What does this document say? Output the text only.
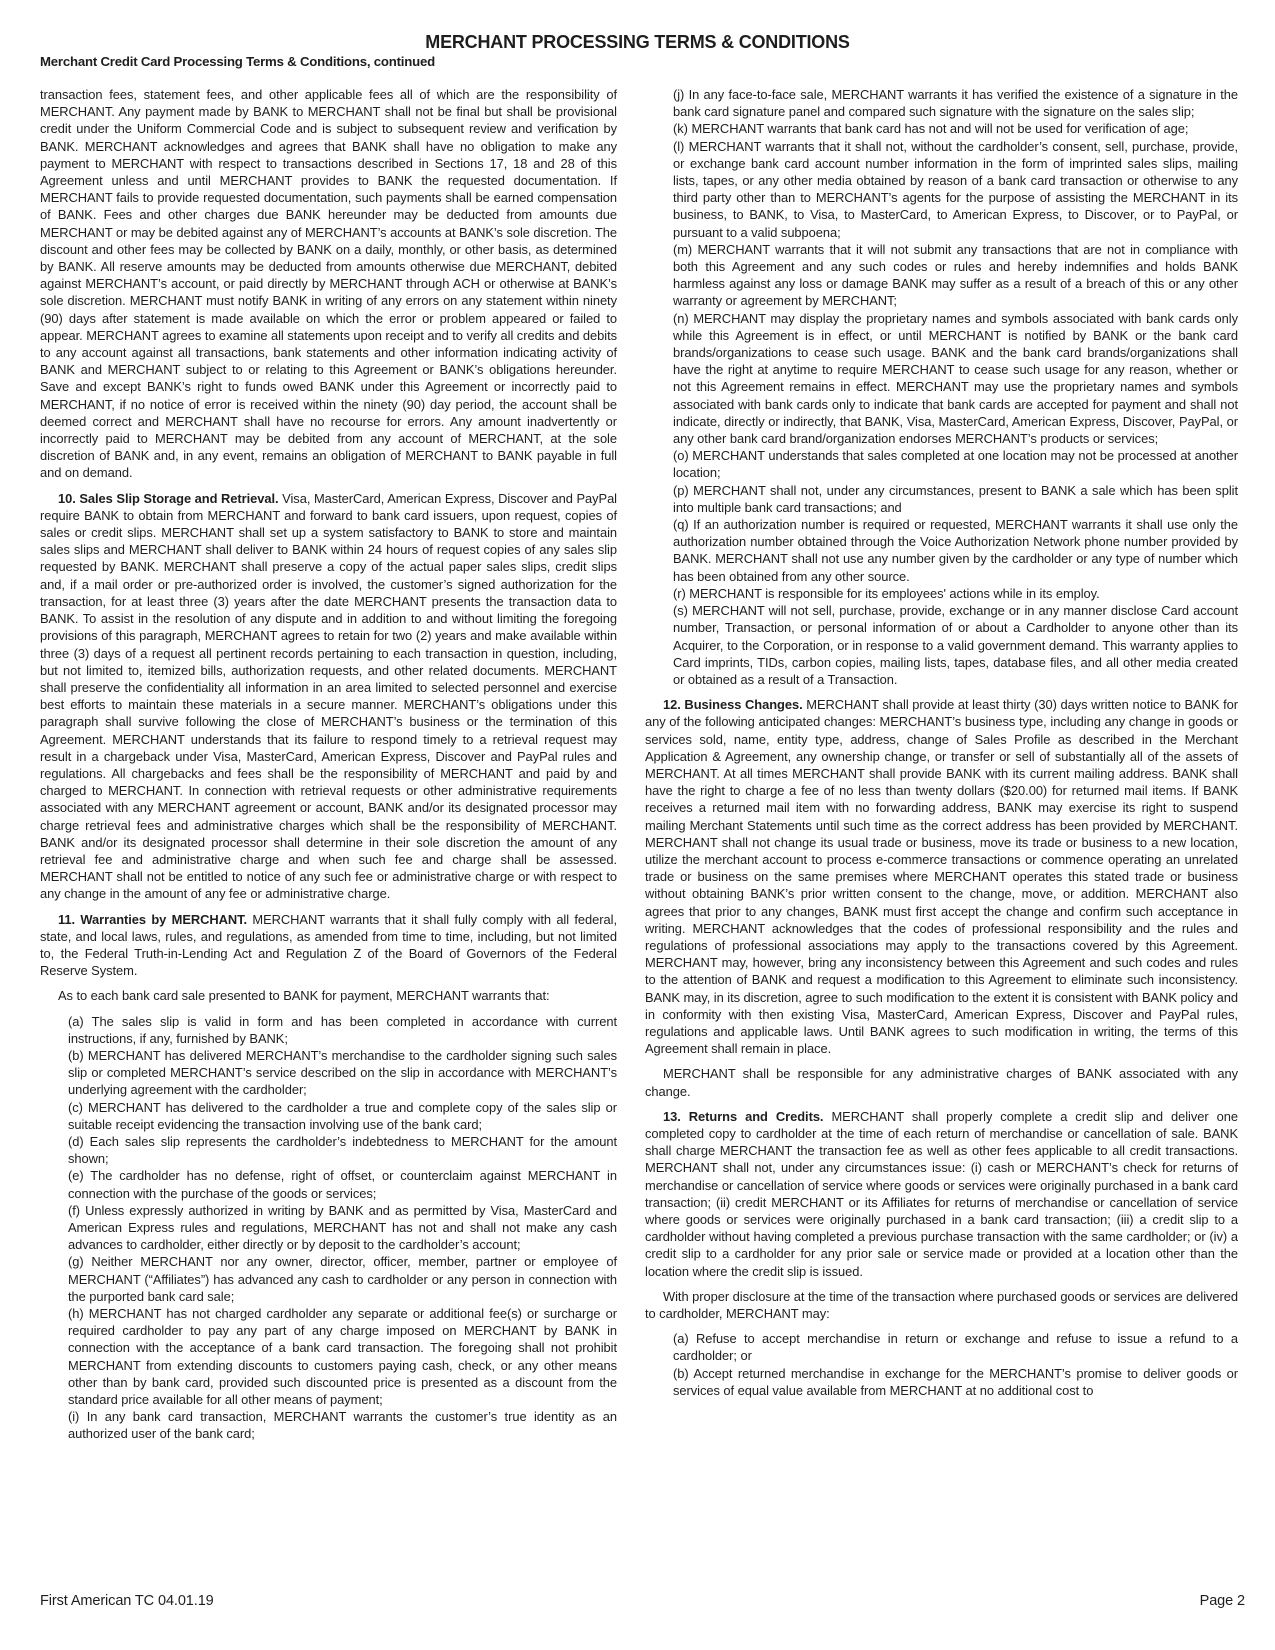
MERCHANT PROCESSING TERMS & CONDITIONS
Merchant Credit Card Processing Terms & Conditions, continued

transaction fees, statement fees, and other applicable fees all of which are the responsibility of MERCHANT. Any payment made by BANK to MERCHANT shall not be final but shall be provisional credit under the Uniform Commercial Code and is subject to subsequent review and verification by BANK. MERCHANT acknowledges and agrees that BANK shall have no obligation to make any payment to MERCHANT with respect to transactions described in Sections 17, 18 and 28 of this Agreement unless and until MERCHANT provides to BANK the requested documentation. If MERCHANT fails to provide requested documentation, such payments shall be earned compensation of BANK. Fees and other charges due BANK hereunder may be deducted from amounts due MERCHANT or may be debited against any of MERCHANT’s accounts at BANK’s sole discretion. The discount and other fees may be collected by BANK on a daily, monthly, or other basis, as determined by BANK. All reserve amounts may be deducted from amounts otherwise due MERCHANT, debited against MERCHANT’s account, or paid directly by MERCHANT through ACH or otherwise at BANK’s sole discretion. MERCHANT must notify BANK in writing of any errors on any statement within ninety (90) days after statement is made available on which the error or problem appeared or failed to appear. MERCHANT agrees to examine all statements upon receipt and to verify all credits and debits to any account against all transactions, bank statements and other information indicating activity of BANK and MERCHANT subject to or relating to this Agreement or BANK’s obligations hereunder. Save and except BANK’s right to funds owed BANK under this Agreement or incorrectly paid to MERCHANT, if no notice of error is received within the ninety (90) day period, the account shall be deemed correct and MERCHANT shall have no recourse for errors. Any amount inadvertently or incorrectly paid to MERCHANT may be debited from any account of MERCHANT, at the sole discretion of BANK and, in any event, remains an obligation of MERCHANT to BANK payable in full and on demand.

10. Sales Slip Storage and Retrieval. Visa, MasterCard, American Express, Discover and PayPal require BANK to obtain from MERCHANT and forward to bank card issuers, upon request, copies of sales or credit slips. MERCHANT shall set up a system satisfactory to BANK to store and maintain sales slips and MERCHANT shall deliver to BANK within 24 hours of request copies of any sales slip requested by BANK. MERCHANT shall preserve a copy of the actual paper sales slips, credit slips and, if a mail order or pre-authorized order is involved, the customer’s signed authorization for the transaction, for at least three (3) years after the date MERCHANT presents the transaction data to BANK. To assist in the resolution of any dispute and in addition to and without limiting the foregoing provisions of this paragraph, MERCHANT agrees to retain for two (2) years and make available within three (3) days of a request all pertinent records pertaining to each transaction in question, including, but not limited to, itemized bills, authorization requests, and other related documents. MERCHANT shall preserve the confidentiality all information in an area limited to selected personnel and exercise best efforts to maintain these materials in a secure manner. MERCHANT’s obligations under this paragraph shall survive following the close of MERCHANT’s business or the termination of this Agreement. MERCHANT understands that its failure to respond timely to a retrieval request may result in a chargeback under Visa, MasterCard, American Express, Discover and PayPal rules and regulations. All chargebacks and fees shall be the responsibility of MERCHANT and paid by and charged to MERCHANT. In connection with retrieval requests or other administrative requirements associated with any MERCHANT agreement or account, BANK and/or its designated processor may charge retrieval fees and administrative charges which shall be the responsibility of MERCHANT. BANK and/or its designated processor shall determine in their sole discretion the amount of any retrieval fee and administrative charge and when such fee and charge shall be assessed. MERCHANT shall not be entitled to notice of any such fee or administrative charge or with respect to any change in the amount of any fee or administrative charge.

11. Warranties by MERCHANT. MERCHANT warrants that it shall fully comply with all federal, state, and local laws, rules, and regulations, as amended from time to time, including, but not limited to, the Federal Truth-in-Lending Act and Regulation Z of the Board of Governors of the Federal Reserve System.

As to each bank card sale presented to BANK for payment, MERCHANT warrants that:

(a) The sales slip is valid in form and has been completed in accordance with current instructions, if any, furnished by BANK;

(b) MERCHANT has delivered MERCHANT’s merchandise to the cardholder signing such sales slip or completed MERCHANT’s service described on the slip in accordance with MERCHANT’s underlying agreement with the cardholder;

(c) MERCHANT has delivered to the cardholder a true and complete copy of the sales slip or suitable receipt evidencing the transaction involving use of the bank card;

(d) Each sales slip represents the cardholder’s indebtedness to MERCHANT for the amount shown;

(e) The cardholder has no defense, right of offset, or counterclaim against MERCHANT in connection with the purchase of the goods or services;

(f) Unless expressly authorized in writing by BANK and as permitted by Visa, MasterCard and American Express rules and regulations, MERCHANT has not and shall not make any cash advances to cardholder, either directly or by deposit to the cardholder’s account;

(g) Neither MERCHANT nor any owner, director, officer, member, partner or employee of MERCHANT (“Affiliates”) has advanced any cash to cardholder or any person in connection with the purported bank card sale;

(h) MERCHANT has not charged cardholder any separate or additional fee(s) or surcharge or required cardholder to pay any part of any charge imposed on MERCHANT by BANK in connection with the acceptance of a bank card transaction. The foregoing shall not prohibit MERCHANT from extending discounts to customers paying cash, check, or any other means other than by bank card, provided such discounted price is presented as a discount from the standard price available for all other means of payment;

(i) In any bank card transaction, MERCHANT warrants the customer’s true identity as an authorized user of the bank card;

(j) In any face-to-face sale, MERCHANT warrants it has verified the existence of a signature in the bank card signature panel and compared such signature with the signature on the sales slip;

(k) MERCHANT warrants that bank card has not and will not be used for verification of age;

(l) MERCHANT warrants that it shall not, without the cardholder’s consent, sell, purchase, provide, or exchange bank card account number information in the form of imprinted sales slips, mailing lists, tapes, or any other media obtained by reason of a bank card transaction or otherwise to any third party other than to MERCHANT’s agents for the purpose of assisting the MERCHANT in its business, to BANK, to Visa, to MasterCard, to American Express, to Discover, or to PayPal, or pursuant to a valid subpoena;

(m) MERCHANT warrants that it will not submit any transactions that are not in compliance with both this Agreement and any such codes or rules and hereby indemnifies and holds BANK harmless against any loss or damage BANK may suffer as a result of a breach of this or any other warranty or agreement by MERCHANT;

(n) MERCHANT may display the proprietary names and symbols associated with bank cards only while this Agreement is in effect, or until MERCHANT is notified by BANK or the bank card brands/organizations to cease such usage. BANK and the bank card brands/organizations shall have the right at anytime to require MERCHANT to cease such usage for any reason, whether or not this Agreement remains in effect. MERCHANT may use the proprietary names and symbols associated with bank cards only to indicate that bank cards are accepted for payment and shall not indicate, directly or indirectly, that BANK, Visa, MasterCard, American Express, Discover, PayPal, or any other bank card brand/organization endorses MERCHANT’s products or services;

(o) MERCHANT understands that sales completed at one location may not be processed at another location;

(p) MERCHANT shall not, under any circumstances, present to BANK a sale which has been split into multiple bank card transactions; and

(q) If an authorization number is required or requested, MERCHANT warrants it shall use only the authorization number obtained through the Voice Authorization Network phone number provided by BANK. MERCHANT shall not use any number given by the cardholder or any type of number which has been obtained from any other source.

(r) MERCHANT is responsible for its employees' actions while in its employ.

(s) MERCHANT will not sell, purchase, provide, exchange or in any manner disclose Card account number, Transaction, or personal information of or about a Cardholder to anyone other than its Acquirer, to the Corporation, or in response to a valid government demand. This warranty applies to Card imprints, TIDs, carbon copies, mailing lists, tapes, database files, and all other media created or obtained as a result of a Transaction.

12. Business Changes. MERCHANT shall provide at least thirty (30) days written notice to BANK for any of the following anticipated changes: MERCHANT’s business type, including any change in goods or services sold, name, entity type, address, change of Sales Profile as described in the Merchant Application & Agreement, any ownership change, or transfer or sell of substantially all of the assets of MERCHANT. At all times MERCHANT shall provide BANK with its current mailing address. BANK shall have the right to charge a fee of no less than twenty dollars ($20.00) for returned mail items. If BANK receives a returned mail item with no forwarding address, BANK may exercise its right to suspend mailing Merchant Statements until such time as the correct address has been provided by MERCHANT. MERCHANT shall not change its usual trade or business, move its trade or business to a new location, utilize the merchant account to process e-commerce transactions or commence operating an unrelated trade or business on the same premises where MERCHANT operates this stated trade or business without obtaining BANK’s prior written consent to the change, move, or addition. MERCHANT also agrees that prior to any changes, BANK must first accept the change and confirm such acceptance in writing. MERCHANT acknowledges that the codes of professional responsibility and the rules and regulations of professional associations may apply to the transactions covered by this Agreement. MERCHANT may, however, bring any inconsistency between this Agreement and such codes and rules to the attention of BANK and request a modification to this Agreement to eliminate such inconsistency. BANK may, in its discretion, agree to such modification to the extent it is consistent with BANK policy and in conformity with then existing Visa, MasterCard, American Express, Discover and PayPal rules, regulations and applicable laws. Until BANK agrees to such modification in writing, the terms of this Agreement shall remain in place.

MERCHANT shall be responsible for any administrative charges of BANK associated with any change.

13. Returns and Credits. MERCHANT shall properly complete a credit slip and deliver one completed copy to cardholder at the time of each return of merchandise or cancellation of sale. BANK shall charge MERCHANT the transaction fee as well as other fees applicable to all credit transactions. MERCHANT shall not, under any circumstances issue: (i) cash or MERCHANT’s check for returns of merchandise or cancellation of service where goods or services were originally purchased in a bank card transaction; (ii) credit MERCHANT or its Affiliates for returns of merchandise or cancellation of service where goods or services were originally purchased in a bank card transaction; (iii) a credit slip to a cardholder without having completed a previous purchase transaction with the same cardholder; or (iv) a credit slip to a cardholder for any prior sale or service made or provided at a location other than the location where the credit slip is issued.

With proper disclosure at the time of the transaction where purchased goods or services are delivered to cardholder, MERCHANT may:

(a) Refuse to accept merchandise in return or exchange and refuse to issue a refund to a cardholder; or

(b) Accept returned merchandise in exchange for the MERCHANT’s promise to deliver goods or services of equal value available from MERCHANT at no additional cost to

First American TC 04.01.19	Page 2
